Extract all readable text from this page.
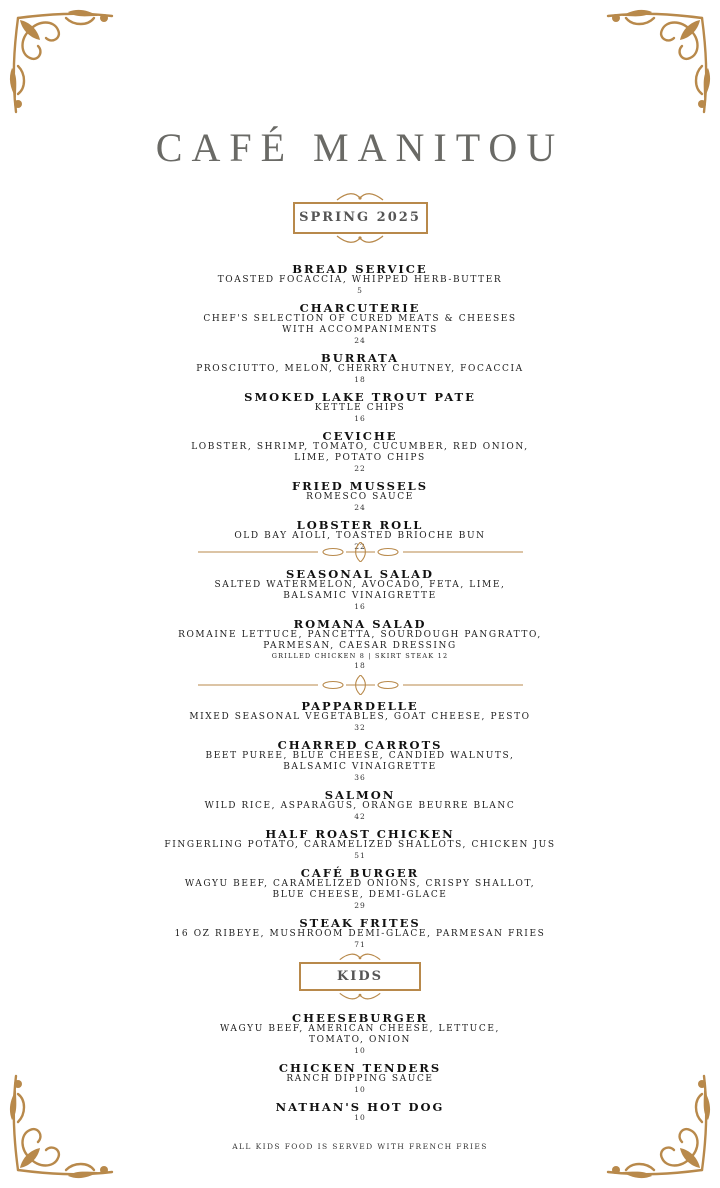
CAFÉ MANITOU
SPRING 2025
BREAD SERVICE
TOASTED FOCACCIA, WHIPPED HERB-BUTTER
5
CHARCUTERIE
CHEF'S SELECTION OF CURED MEATS & CHEESES
WITH ACCOMPANIMENTS
24
BURRATA
PROSCIUTTO, MELON, CHERRY CHUTNEY, FOCACCIA
18
SMOKED LAKE TROUT PATE
KETTLE CHIPS
16
CEVICHE
LOBSTER, SHRIMP, TOMATO, CUCUMBER, RED ONION,
LIME, POTATO CHIPS
22
FRIED MUSSELS
ROMESCO SAUCE
24
LOBSTER ROLL
OLD BAY AIOLI, TOASTED BRIOCHE BUN
22
SEASONAL SALAD
SALTED WATERMELON, AVOCADO, FETA, LIME,
BALSAMIC VINAIGRETTE
16
ROMANA SALAD
ROMAINE LETTUCE, PANCETTA, SOURDOUGH PANGRATTO,
PARMESAN, CAESAR DRESSING
GRILLED CHICKEN 8 | SKIRT STEAK 12
18
PAPPARDELLE
MIXED SEASONAL VEGETABLES, GOAT CHEESE, PESTO
32
CHARRED CARROTS
BEET PUREE, BLUE CHEESE, CANDIED WALNUTS,
BALSAMIC VINAIGRETTE
36
SALMON
WILD RICE, ASPARAGUS, ORANGE BEURRE BLANC
42
HALF ROAST CHICKEN
FINGERLING POTATO, CARAMELIZED SHALLOTS, CHICKEN JUS
51
CAFÉ BURGER
WAGYU BEEF, CARAMELIZED ONIONS, CRISPY SHALLOT,
BLUE CHEESE, DEMI-GLACE
29
STEAK FRITES
16 OZ RIBEYE, MUSHROOM DEMI-GLACE, PARMESAN FRIES
71
KIDS
CHEESEBURGER
WAGYU BEEF, AMERICAN CHEESE, LETTUCE,
TOMATO, ONION
10
CHICKEN TENDERS
RANCH DIPPING SAUCE
10
NATHAN'S HOT DOG
10
ALL KIDS FOOD IS SERVED WITH FRENCH FRIES
